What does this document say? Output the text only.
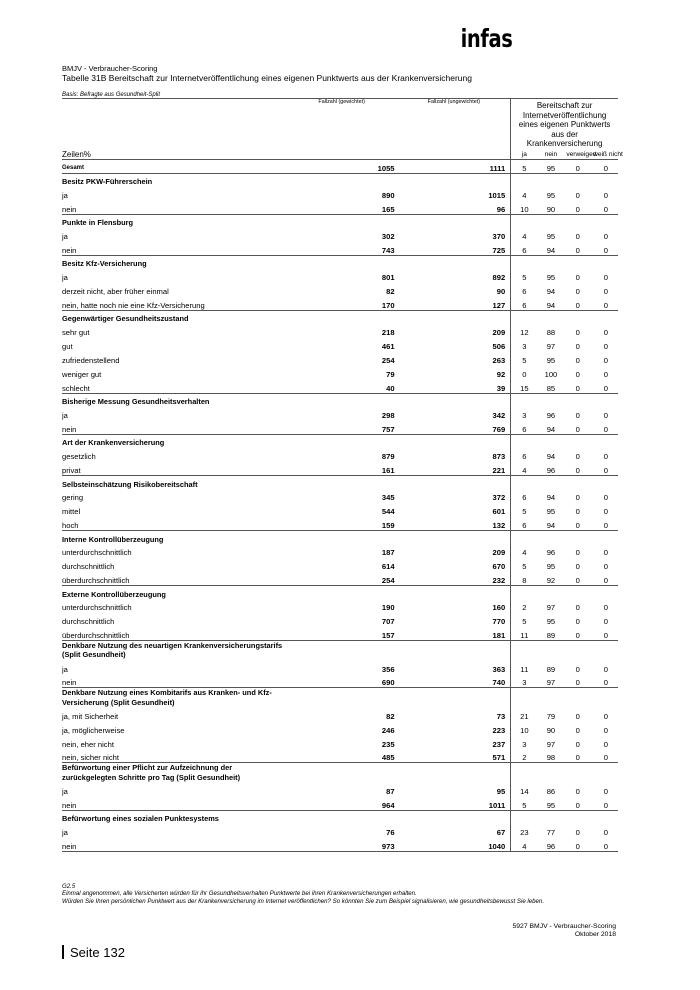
infas
BMJV - Verbraucher-Scoring
Tabelle 31B Bereitschaft zur Internetveröffentlichung eines eigenen Punktwerts aus der Krankenversicherung
Basis: Befragte aus Gesundheit-Split
	Fallzahl (gewichtet)	Fallzahl (ungewichtet)	Bereitschaft zur Internetveröffentlichung eines eigenen Punktwerts aus der Krankenversicherung			
Zeilen%			ja	nein	verweigert	weiß nicht
Gesamt	1055	1111	5	95	0	0
Besitz PKW-Führerschein						
ja	890	1015	4	95	0	0
nein	165	96	10	90	0	0
Punkte in Flensburg						
ja	302	370	4	95	0	0
nein	743	725	6	94	0	0
Besitz Kfz-Versicherung						
ja	801	892	5	95	0	0
derzeit nicht, aber früher einmal	82	90	6	94	0	0
nein, hatte noch nie eine Kfz-Versicherung	170	127	6	94	0	0
Gegenwärtiger Gesundheitszustand						
sehr gut	218	209	12	88	0	0
gut	461	506	3	97	0	0
zufriedenstellend	254	263	5	95	0	0
weniger gut	79	92	0	100	0	0
schlecht	40	39	15	85	0	0
Bisherige Messung Gesundheitsverhalten						
ja	298	342	3	96	0	0
nein	757	769	6	94	0	0
Art der Krankenversicherung						
gesetzlich	879	873	6	94	0	0
privat	161	221	4	96	0	0
Selbsteinschätzung Risikobereitschaft						
gering	345	372	6	94	0	0
mittel	544	601	5	95	0	0
hoch	159	132	6	94	0	0
Interne Kontrollüberzeugung						
unterdurchschnittlich	187	209	4	96	0	0
durchschnittlich	614	670	5	95	0	0
überdurchschnittlich	254	232	8	92	0	0
Externe Kontrollüberzeugung						
unterdurchschnittlich	190	160	2	97	0	0
durchschnittlich	707	770	5	95	0	0
überdurchschnittlich	157	181	11	89	0	0
Denkbare Nutzung des neuartigen Krankenversicherungstarifs (Split Gesundheit)						
ja	356	363	11	89	0	0
nein	690	740	3	97	0	0
Denkbare Nutzung eines Kombitarifs aus Kranken- und Kfz-Versicherung (Split Gesundheit)						
ja, mit Sicherheit	82	73	21	79	0	0
ja, möglicherweise	246	223	10	90	0	0
nein, eher nicht	235	237	3	97	0	0
nein, sicher nicht	485	571	2	98	0	0
Befürwortung einer Pflicht zur Aufzeichnung der zurückgelegten Schritte pro Tag (Split Gesundheit)						
ja	87	95	14	86	0	0
nein	964	1011	5	95	0	0
Befürwortung eines sozialen Punktesystems						
ja	76	67	23	77	0	0
nein	973	1040	4	96	0	0
G2.5
Einmal angenommen, alle Versicherten würden für ihr Gesundheitsverhalten Punktwerte bei ihren Krankenversicherungen erhalten.
Würden Sie Ihren persönlichen Punktwert aus der Krankenversicherung im Internet veröffentlichen? So könnten Sie zum Beispiel signalisieren, wie gesundheitsbewusst Sie leben.
5927 BMJV - Verbraucher-Scoring
Oktober 2018
Seite 132
